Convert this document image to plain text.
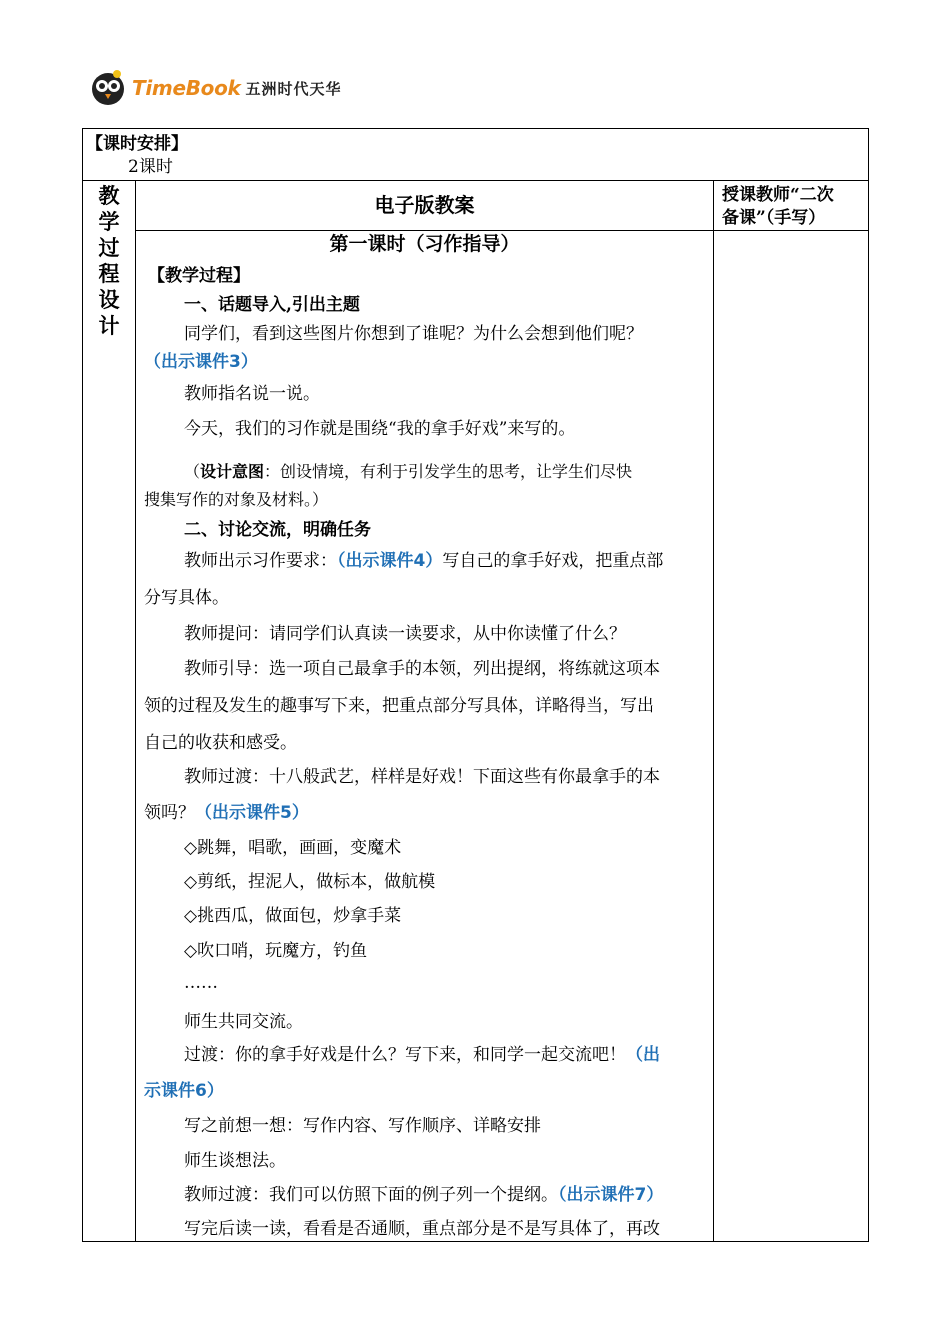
TimeBook 五洲时代天华
【课时安排】
2课时
教学过程设计
电子版教案	授课教师“二次
备课”（手写）
第一课时（习作指导）
【教学过程】
一、话题导入,引出主题
同学们，看到这些图片你想到了谁呢？为什么会想到他们呢？
（出示课件3）
教师指名说一说。
今天，我们的习作就是围绕“我的拿手好戏”来写的。
（设计意图：创设情境，有利于引发学生的思考，让学生们尽快
搜集写作的对象及材料。）
二、讨论交流，明确任务
教师出示习作要求：（出示课件4）写自己的拿手好戏，把重点部
分写具体。
教师提问：请同学们认真读一读要求，从中你读懂了什么？
教师引导：选一项自己最拿手的本领，列出提纲，将练就这项本
领的过程及发生的趣事写下来，把重点部分写具体，详略得当，写出
自己的收获和感受。
教师过渡：十八般武艺，样样是好戏！下面这些有你最拿手的本
领吗？（出示课件5）
◇跳舞，唱歌，画画，变魔术
◇剪纸，捏泥人，做标本，做航模
◇挑西瓜，做面包，炒拿手菜
◇吹口哨，玩魔方，钓鱼
……
师生共同交流。
过渡：你的拿手好戏是什么？写下来，和同学一起交流吧！（出
示课件6）
写之前想一想：写作内容、写作顺序、详略安排
师生谈想法。
教师过渡：我们可以仿照下面的例子列一个提纲。（出示课件7）
写完后读一读，看看是否通顺，重点部分是不是写具体了，再改
